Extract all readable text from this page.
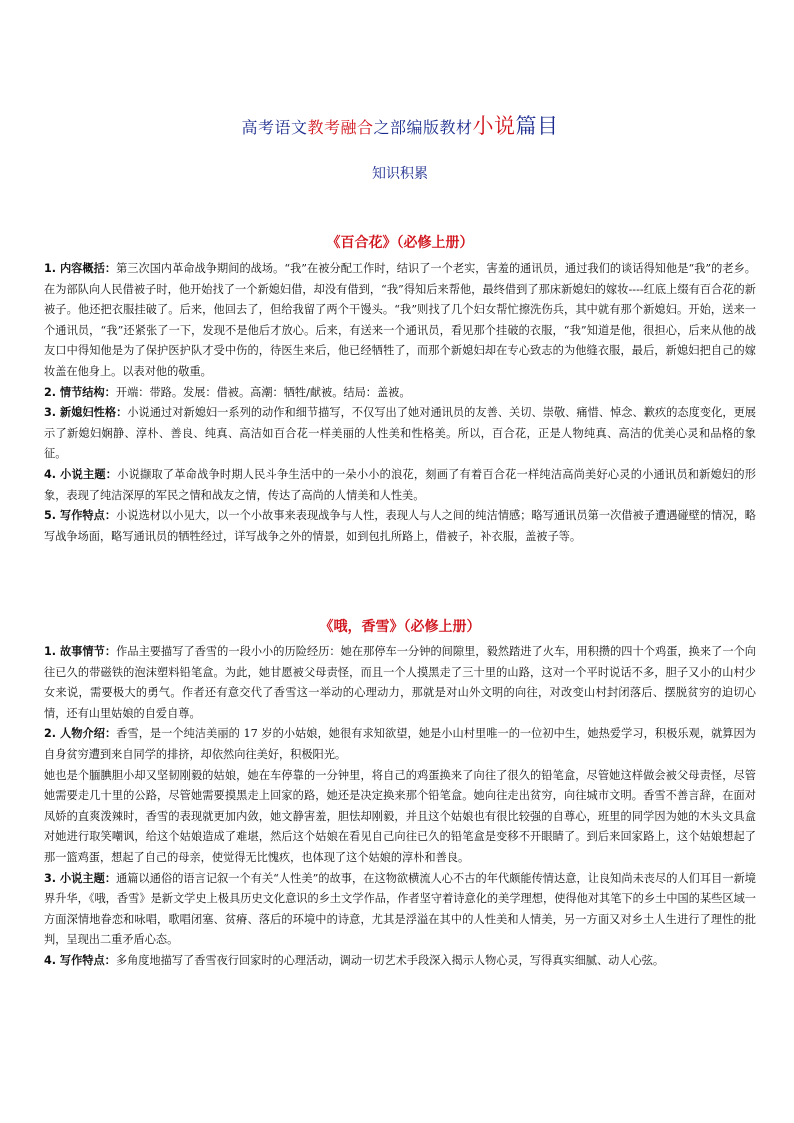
高考语文教考融合之部编版教材小说篇目
知识积累
《百合花》（必修上册）

1. 内容概括：第三次国内革命战争期间的战场。“我”在被分配工作时，结识了一个老实，害羞的通讯员，通过我们的谈话得知他是“我”的老乡。在为部队向人民借被子时，他开始找了一个新媳妇借，却没有借到，“我”得知后来帮他，最终借到了那床新媳妇的嫁妆----红底上缀有百合花的新被子。他还把衣服挂破了。后来，他回去了，但给我留了两个干馒头。“我”则找了几个妇女帮忙擦洗伤兵，其中就有那个新媳妇。开始，送来一个通讯员，“我”还紧张了一下，发现不是他后才放心。后来，有送来一个通讯员，看见那个挂破的衣服，“我”知道是他，很担心，后来从他的战友口中得知他是为了保护医护队才受中伤的，待医生来后，他已经牺牲了，而那个新媳妇却在专心致志的为他缝衣服，最后，新媳妇把自己的嫁妆盖在他身上。以表对他的敬重。

2. 情节结构：开端：带路。发展：借被。高潮：牺牲/献被。结局：盖被。

3. 新媳妇性格：小说通过对新媳妇一系列的动作和细节描写，不仅写出了她对通讯员的友善、关切、崇敬、痛惜、悼念、歉疚的态度变化，更展示了新媳妇娴静、淳朴、善良、纯真、高洁如百合花一样美丽的人性美和性格美。所以，百合花，正是人物纯真、高洁的优美心灵和品格的象征。

4. 小说主题：小说撷取了革命战争时期人民斗争生活中的一朵小小的浪花，刻画了有着百合花一样纯洁高尚美好心灵的小通讯员和新媳妇的形象，表现了纯洁深厚的军民之情和战友之情，传达了高尚的人情美和人性美。

5. 写作特点：小说选材以小见大，以一个小故事来表现战争与人性，表现人与人之间的纯洁情感；略写通讯员第一次借被子遭遇碰壁的情况，略写战争场面，略写通讯员的牺牲经过，详写战争之外的情景，如到包扎所路上，借被子，补衣服，盖被子等。

《哦，香雪》（必修上册）

1. 故事情节：作品主要描写了香雪的一段小小的历险经历：她在那停车一分钟的间隙里，毅然踏进了火车，用积攒的四十个鸡蛋，换来了一个向往已久的带磁铁的泡沫塑料铅笔盒。为此，她甘愿被父母责怪，而且一个人摸黑走了三十里的山路，这对一个平时说话不多，胆子又小的山村少女来说，需要极大的勇气。作者还有意交代了香雪这一举动的心理动力，那就是对山外文明的向往，对改变山村封闭落后、摆脱贫穷的迫切心情，还有山里姑娘的自爱自尊。

2. 人物介绍：香雪，是一个纯洁美丽的 17 岁的小姑娘，她很有求知欲望，她是小山村里唯一的一位初中生，她热爱学习，积极乐观，就算因为自身贫穷遭到来自同学的排挤，却依然向往美好，积极阳光。

她也是个腼腆胆小却又坚韧刚毅的姑娘，她在车停靠的一分钟里，将自己的鸡蛋换来了向往了很久的铅笔盒，尽管她这样做会被父母责怪，尽管她需要走几十里的公路，尽管她需要摸黑走上回家的路，她还是决定换来那个铅笔盒。她向往走出贫穷，向往城市文明。香雪不善言辞，在面对凤娇的直爽泼辣时，香雪的表现就更加内敛，她文静害羞，胆怯却刚毅，并且这个姑娘也有很比较强的自尊心，班里的同学因为她的木头文具盒对她进行取笑嘲讽，给这个姑娘造成了难堪，然后这个姑娘在看见自己向往已久的铅笔盒是变移不开眼睛了。到后来回家路上，这个姑娘想起了那一篮鸡蛋，想起了自己的母亲，使觉得无比愧疚，也体现了这个姑娘的淳朴和善良。

3. 小说主题：通篇以通俗的语言记叙一个有关“人性美”的故事，在这物欲横流人心不古的年代颇能传情达意，让良知尚未丧尽的人们耳目一新境界升华，《哦，香雪》是新文学史上极具历史文化意识的乡土文学作品，作者坚守着诗意化的美学理想，使得他对其笔下的乡土中国的某些区域一方面深情地眷恋和咏唱，歌唱闭塞、贫瘠、落后的环境中的诗意，尤其是浮溢在其中的人性美和人情美，另一方面又对乡土人生进行了理性的批判，呈现出二重矛盾心态。

4. 写作特点：多角度地描写了香雪夜行回家时的心理活动，调动一切艺术手段深入揭示人物心灵，写得真实细腻、动人心弦。
